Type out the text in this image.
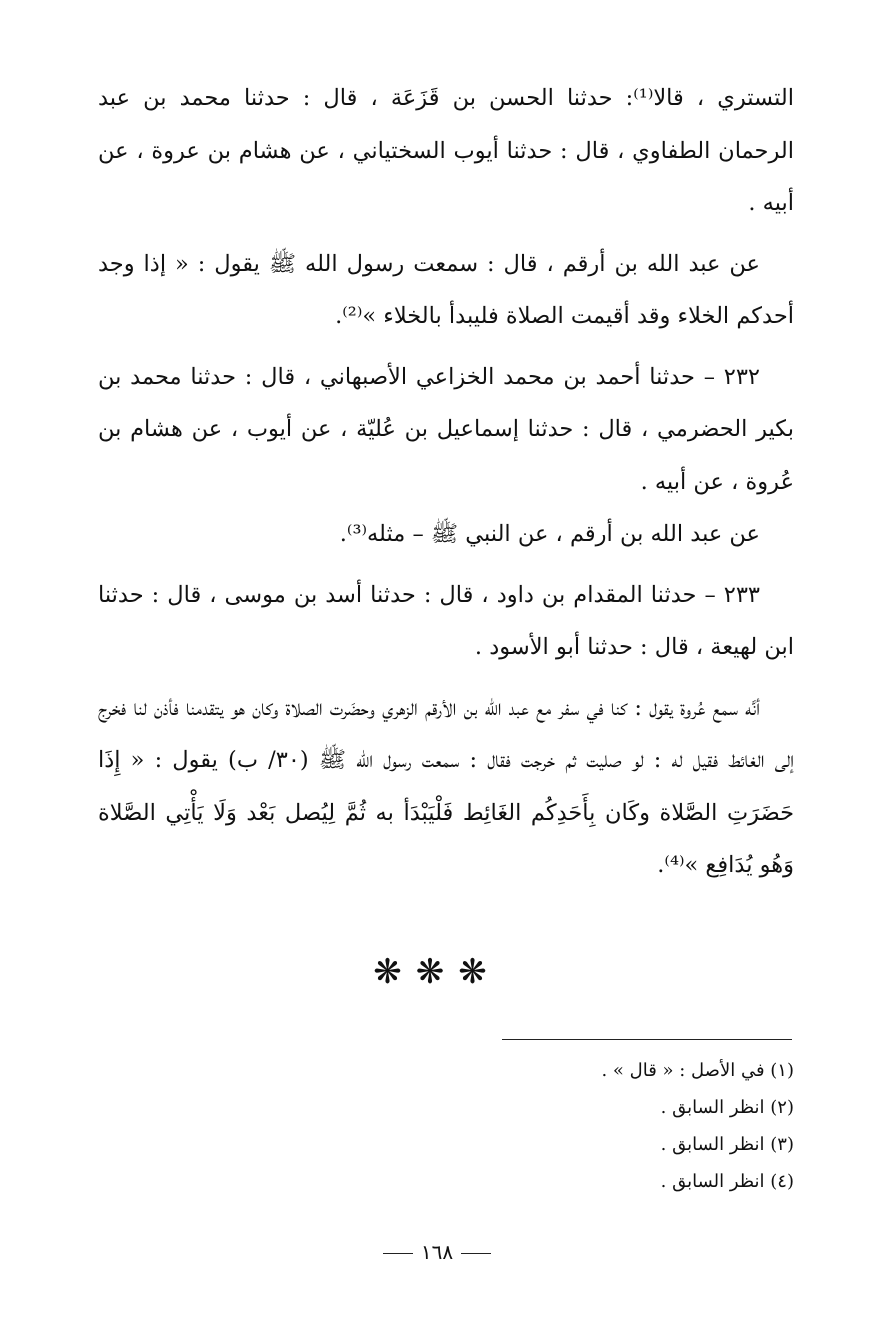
التستري ، قالا⁽¹⁾: حدثنا الحسن بن قَزَعَة ، قال : حدثنا محمد بن عبد الرحمان الطفاوي ، قال : حدثنا أيوب السختياني ، عن هشام بن عروة ، عن أبيه .

عن عبد الله بن أرقم ، قال : سمعت رسول الله ﷺ يقول : « إذا وجد أحدكم الخلاء وقد أقيمت الصلاة فليبدأ بالخلاء »⁽²⁾.

٢٣٢ – حدثنا أحمد بن محمد الخزاعي الأصبهاني ، قال : حدثنا محمد بن بكير الحضرمي ، قال : حدثنا إسماعيل بن عُليّة ، عن أيوب ، عن هشام بن عُروة ، عن أبيه .

عن عبد الله بن أرقم ، عن النبي ﷺ – مثله⁽³⁾.

٢٣٣ – حدثنا المقدام بن داود ، قال : حدثنا أسد بن موسى ، قال : حدثنا ابن لهيعة ، قال : حدثنا أبو الأسود .

أنَّه سمع عُروة يقول : كنا في سفر مع عبد الله بن الأرقم الزهري وحضَرت الصلاة وكان هو يتقدمنا فأذن لنا فخرج إلى الغائط فقيل له : لو صليت ثم خرجت فقال : سمعت رسول الله ﷺ (٣٠/ ب) يقول : « إِذَا حَضَرَتِ الصَّلاة وكَان بِأَحَدِكُم الغَائِط فَلْيَبْدَأ به ثُمَّ لِيُصل بَعْد وَلَا يَأْتِي الصَّلاة وَهُو يُدَافِع »⁽⁴⁾.

❋❋❋

(١) في الأصل : « قال » .

(٢) انظر السابق .

(٣) انظر السابق .

(٤) انظر السابق .

١٦٨
